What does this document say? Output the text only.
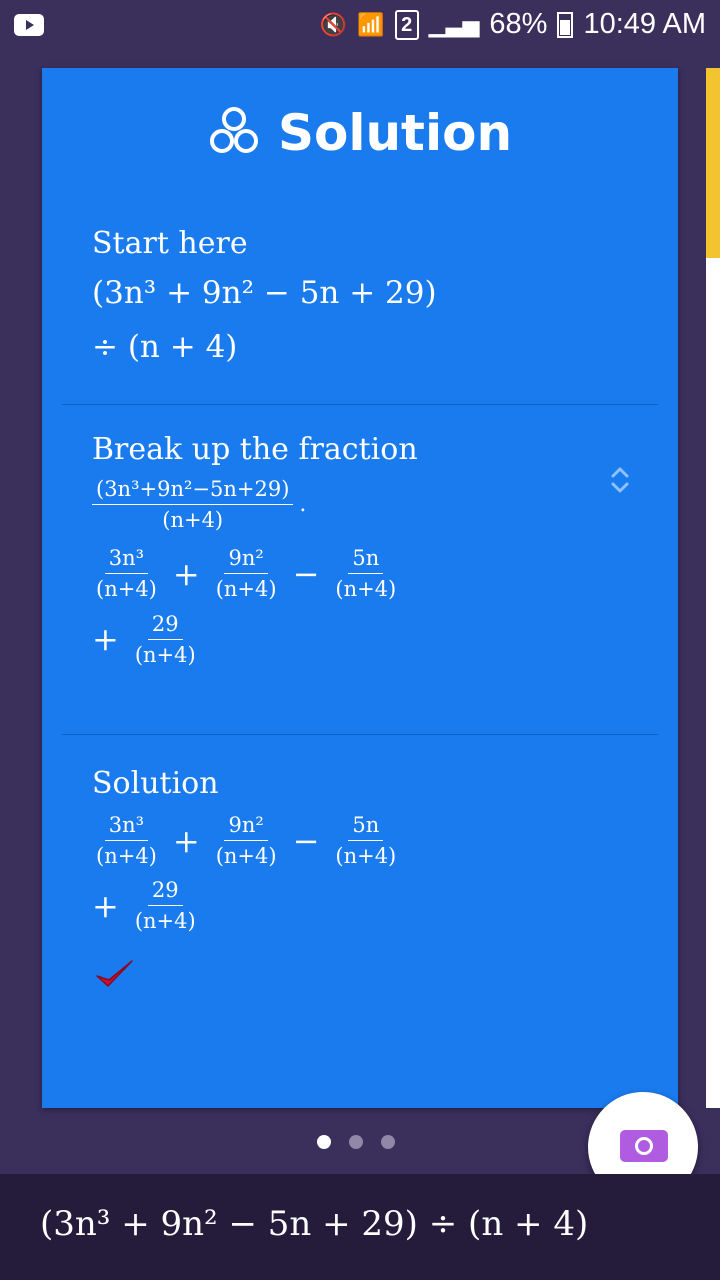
🔇 📶 2 ▁▃▅ 68% 10:49 AM
Solution
Start here
(3n³ + 9n² − 5n + 29)
÷ (n + 4)
Break up the fraction
$\frac{\text{(3n³+9n²−5n+29)}}{(n+4)}$ .
$\frac{\text{3n³}}{(n+4)} + \frac{\text{9n²}}{(n+4)} - \frac{5n}{(n+4)}$
+ $\frac{29}{(n+4)}$
Solution
$\frac{\text{3n³}}{(n+4)} + \frac{\text{9n²}}{(n+4)} - \frac{5n}{(n+4)}$
+ $\frac{29}{(n+4)}$
(3n³ + 9n² − 5n + 29) ÷ (n + 4)
